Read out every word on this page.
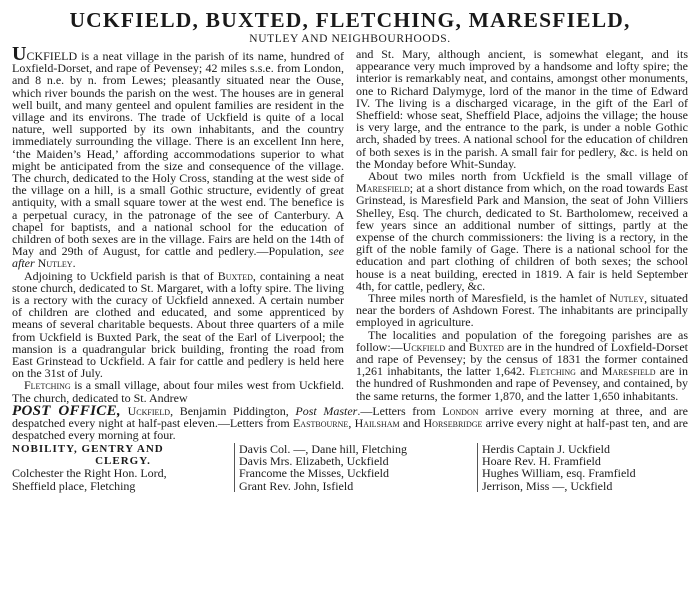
UCKFIELD, BUXTED, FLETCHING, MARESFIELD,
NUTLEY AND NEIGHBOURHOODS.

UCKFIELD is a neat village in the parish of its name, hundred of Loxfield-Dorset, and rape of Pevensey; 42 miles s.s.e. from London, and 8 n.e. by n. from Lewes; pleasantly situated near the Ouse, which river bounds the parish on the west. The houses are in general well built, and many genteel and opulent families are resident in the village and its environs. The trade of Uckfield is quite of a local nature, well supported by its own inhabitants, and the country immediately surrounding the village. There is an excellent Inn here, ‘the Maiden’s Head,’ affording accommodations superior to what might be anticipated from the size and consequence of the village. The church, dedicated to the Holy Cross, standing at the west side of the village on a hill, is a small Gothic structure, evidently of great antiquity, with a small square tower at the west end. The benefice is a perpetual curacy, in the patronage of the see of Canterbury. A chapel for baptists, and a national school for the education of children of both sexes are in the village. Fairs are held on the 14th of May and 29th of August, for cattle and pedlery.—Population, see after Nutley.

Adjoining to Uckfield parish is that of Buxted, containing a neat stone church, dedicated to St. Margaret, with a lofty spire. The living is a rectory with the curacy of Uckfield annexed. A certain number of children are clothed and educated, and some apprenticed by means of several charitable bequests. About three quarters of a mile from Uckfield is Buxted Park, the seat of the Earl of Liverpool; the mansion is a quadrangular brick building, fronting the road from East Grinstead to Uckfield. A fair for cattle and pedlery is held here on the 31st of July.

Fletching is a small village, about four miles west from Uckfield. The church, dedicated to St. Andrew

and St. Mary, although ancient, is somewhat elegant, and its appearance very much improved by a handsome and lofty spire; the interior is remarkably neat, and contains, amongst other monuments, one to Richard Dalymyge, lord of the manor in the time of Edward IV. The living is a discharged vicarage, in the gift of the Earl of Sheffield: whose seat, Sheffield Place, adjoins the village; the house is very large, and the entrance to the park, is under a noble Gothic arch, shaded by trees. A national school for the education of children of both sexes is in the parish. A small fair for pedlery, &c. is held on the Monday before Whit-Sunday.

About two miles north from Uckfield is the small village of Maresfield; at a short distance from which, on the road towards East Grinstead, is Maresfield Park and Mansion, the seat of John Villiers Shelley, Esq. The church, dedicated to St. Bartholomew, received a few years since an additional number of sittings, partly at the expense of the church commissioners: the living is a rectory, in the gift of the noble family of Gage. There is a national school for the education and part clothing of children of both sexes; the school house is a neat building, erected in 1819. A fair is held September 4th, for cattle, pedlery, &c.

Three miles north of Maresfield, is the hamlet of Nutley, situated near the borders of Ashdown Forest. The inhabitants are principally employed in agriculture.

The localities and population of the foregoing parishes are as follow:—Uckfield and Buxted are in the hundred of Loxfield-Dorset and rape of Pevensey; by the census of 1831 the former contained 1,261 inhabitants, the latter 1,642. Fletching and Maresfield are in the hundred of Rushmonden and rape of Pevensey, and contained, by the same returns, the former 1,870, and the latter 1,650 inhabitants.

POST OFFICE, Uckfield, Benjamin Piddington, Post Master.—Letters from London arrive every morning at three, and are despatched every night at half-past eleven.—Letters from Eastbourne, Hailsham and Horsebridge arrive every night at half-past ten, and are despatched every morning at four.
NOBILITY, GENTRY AND
CLERGY.
Colchester the Right Hon. Lord,
Sheffield place, Fletching
Davis Col. —, Dane hill, Fletching
Davis Mrs. Elizabeth, Uckfield
Francome the Misses, Uckfield
Grant Rev. John, Isfield
Herdis Captain J. Uckfield
Hoare Rev. H. Framfield
Hughes William, esq. Framfield
Jerrison, Miss —, Uckfield
